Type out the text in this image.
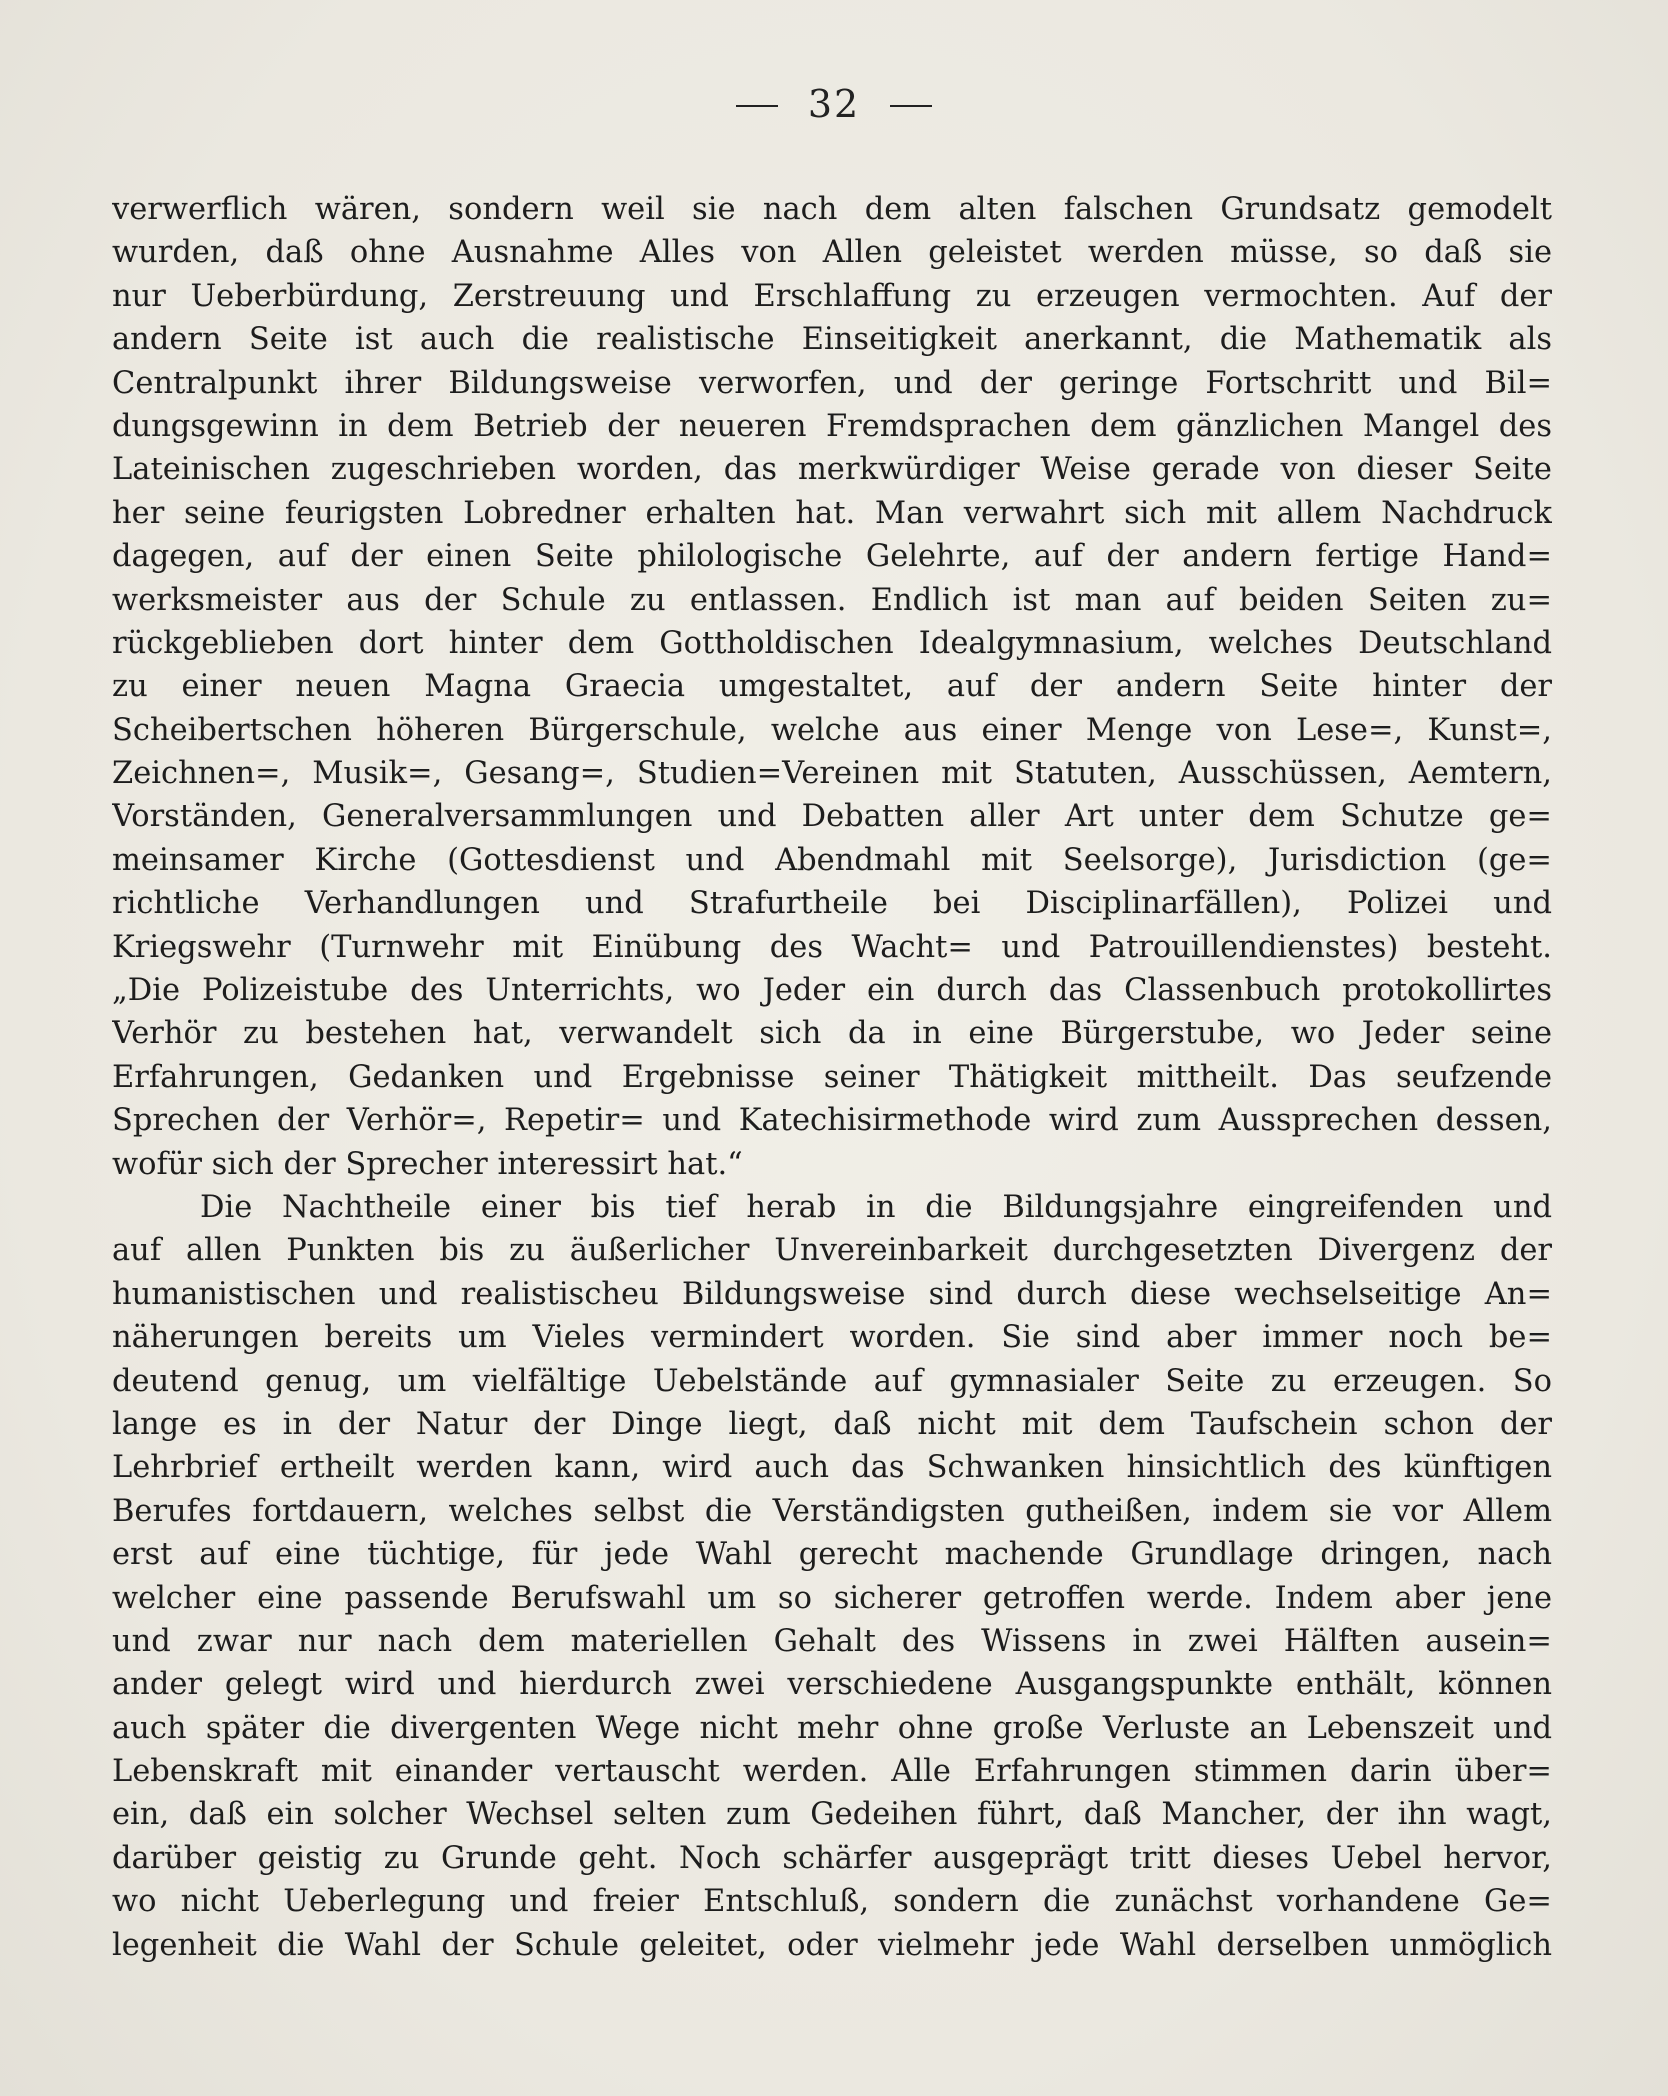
32
verwerflich wären, sondern weil sie nach dem alten falschen Grundsatz gemodelt
wurden, daß ohne Ausnahme Alles von Allen geleistet werden müsse, so daß sie
nur Ueberbürdung, Zerstreuung und Erschlaffung zu erzeugen vermochten. Auf der
andern Seite ist auch die realistische Einseitigkeit anerkannt, die Mathematik als
Centralpunkt ihrer Bildungsweise verworfen, und der geringe Fortschritt und Bil=
dungsgewinn in dem Betrieb der neueren Fremdsprachen dem gänzlichen Mangel des
Lateinischen zugeschrieben worden, das merkwürdiger Weise gerade von dieser Seite
her seine feurigsten Lobredner erhalten hat. Man verwahrt sich mit allem Nachdruck
dagegen, auf der einen Seite philologische Gelehrte, auf der andern fertige Hand=
werksmeister aus der Schule zu entlassen. Endlich ist man auf beiden Seiten zu=
rückgeblieben dort hinter dem Gottholdischen Idealgymnasium, welches Deutschland
zu einer neuen Magna Graecia umgestaltet, auf der andern Seite hinter der
Scheibertschen höheren Bürgerschule, welche aus einer Menge von Lese=, Kunst=,
Zeichnen=, Musik=, Gesang=, Studien=Vereinen mit Statuten, Ausschüssen, Aemtern,
Vorständen, Generalversammlungen und Debatten aller Art unter dem Schutze ge=
meinsamer Kirche (Gottesdienst und Abendmahl mit Seelsorge), Jurisdiction (ge=
richtliche Verhandlungen und Strafurtheile bei Disciplinarfällen), Polizei und
Kriegswehr (Turnwehr mit Einübung des Wacht= und Patrouillendienstes) besteht.
„Die Polizeistube des Unterrichts, wo Jeder ein durch das Classenbuch protokollirtes
Verhör zu bestehen hat, verwandelt sich da in eine Bürgerstube, wo Jeder seine
Erfahrungen, Gedanken und Ergebnisse seiner Thätigkeit mittheilt. Das seufzende
Sprechen der Verhör=, Repetir= und Katechisirmethode wird zum Aussprechen dessen,
wofür sich der Sprecher interessirt hat.“
Die Nachtheile einer bis tief herab in die Bildungsjahre eingreifenden und
auf allen Punkten bis zu äußerlicher Unvereinbarkeit durchgesetzten Divergenz der
humanistischen und realistischeu Bildungsweise sind durch diese wechselseitige An=
näherungen bereits um Vieles vermindert worden. Sie sind aber immer noch be=
deutend genug, um vielfältige Uebelstände auf gymnasialer Seite zu erzeugen. So
lange es in der Natur der Dinge liegt, daß nicht mit dem Taufschein schon der
Lehrbrief ertheilt werden kann, wird auch das Schwanken hinsichtlich des künftigen
Berufes fortdauern, welches selbst die Verständigsten gutheißen, indem sie vor Allem
erst auf eine tüchtige, für jede Wahl gerecht machende Grundlage dringen, nach
welcher eine passende Berufswahl um so sicherer getroffen werde. Indem aber jene
und zwar nur nach dem materiellen Gehalt des Wissens in zwei Hälften ausein=
ander gelegt wird und hierdurch zwei verschiedene Ausgangspunkte enthält, können
auch später die divergenten Wege nicht mehr ohne große Verluste an Lebenszeit und
Lebenskraft mit einander vertauscht werden. Alle Erfahrungen stimmen darin über=
ein, daß ein solcher Wechsel selten zum Gedeihen führt, daß Mancher, der ihn wagt,
darüber geistig zu Grunde geht. Noch schärfer ausgeprägt tritt dieses Uebel hervor,
wo nicht Ueberlegung und freier Entschluß, sondern die zunächst vorhandene Ge=
legenheit die Wahl der Schule geleitet, oder vielmehr jede Wahl derselben unmöglich
